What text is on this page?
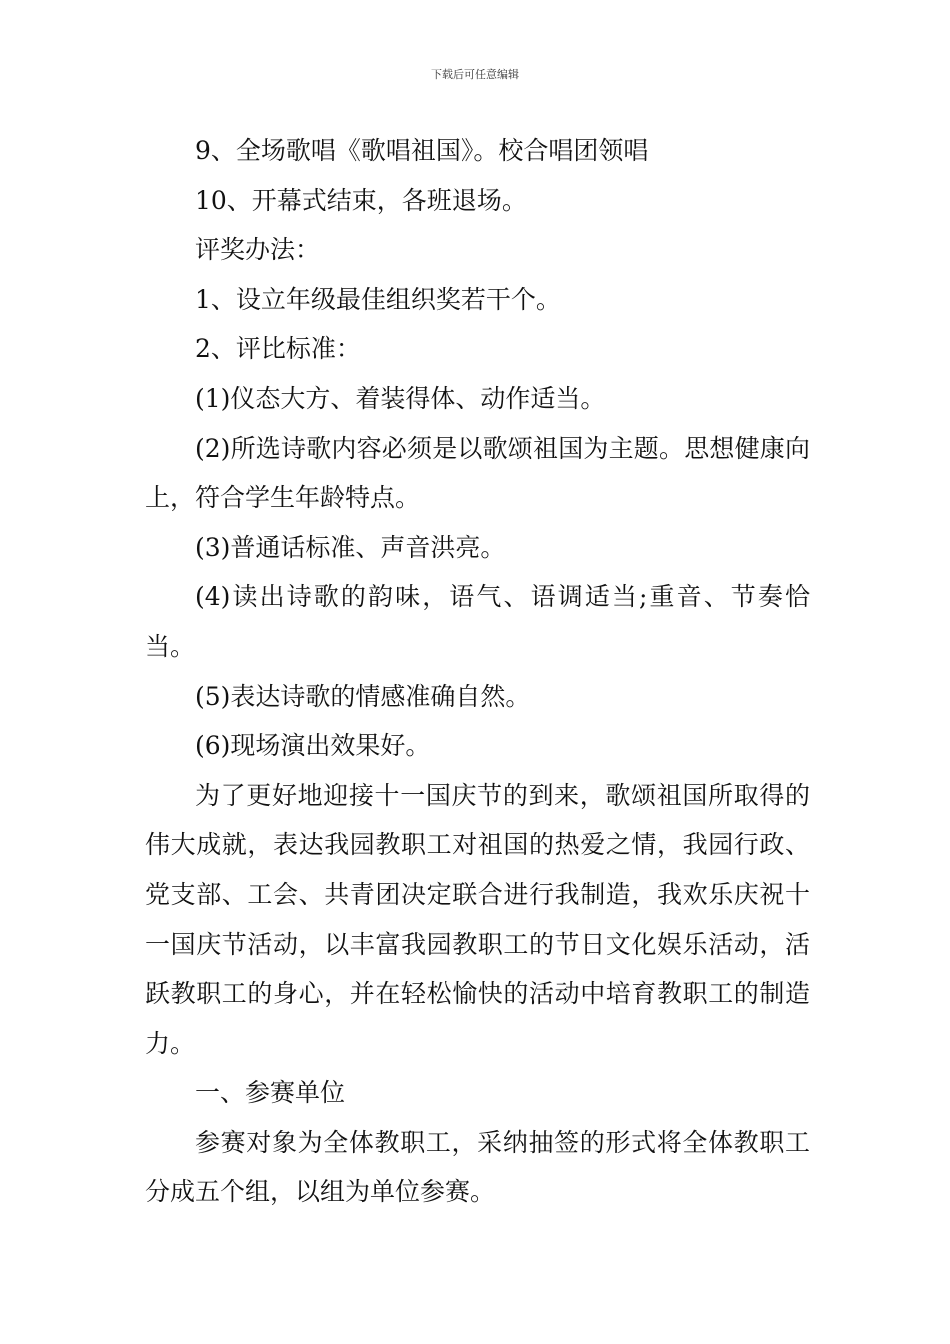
下载后可任意编辑

9、全场歌唱《歌唱祖国》。校合唱团领唱

10、开幕式结束，各班退场。

评奖办法：

1、设立年级最佳组织奖若干个。

2、评比标准：

(1)仪态大方、着装得体、动作适当。

(2)所选诗歌内容必须是以歌颂祖国为主题。思想健康向上，符合学生年龄特点。

(3)普通话标准、声音洪亮。

(4)读出诗歌的韵味，语气、语调适当;重音、节奏恰当。

(5)表达诗歌的情感准确自然。

(6)现场演出效果好。

为了更好地迎接十一国庆节的到来，歌颂祖国所取得的伟大成就，表达我园教职工对祖国的热爱之情，我园行政、党支部、工会、共青团决定联合进行我制造，我欢乐庆祝十一国庆节活动，以丰富我园教职工的节日文化娱乐活动，活跃教职工的身心，并在轻松愉快的活动中培育教职工的制造力。

一、参赛单位

参赛对象为全体教职工，采纳抽签的形式将全体教职工分成五个组，以组为单位参赛。
